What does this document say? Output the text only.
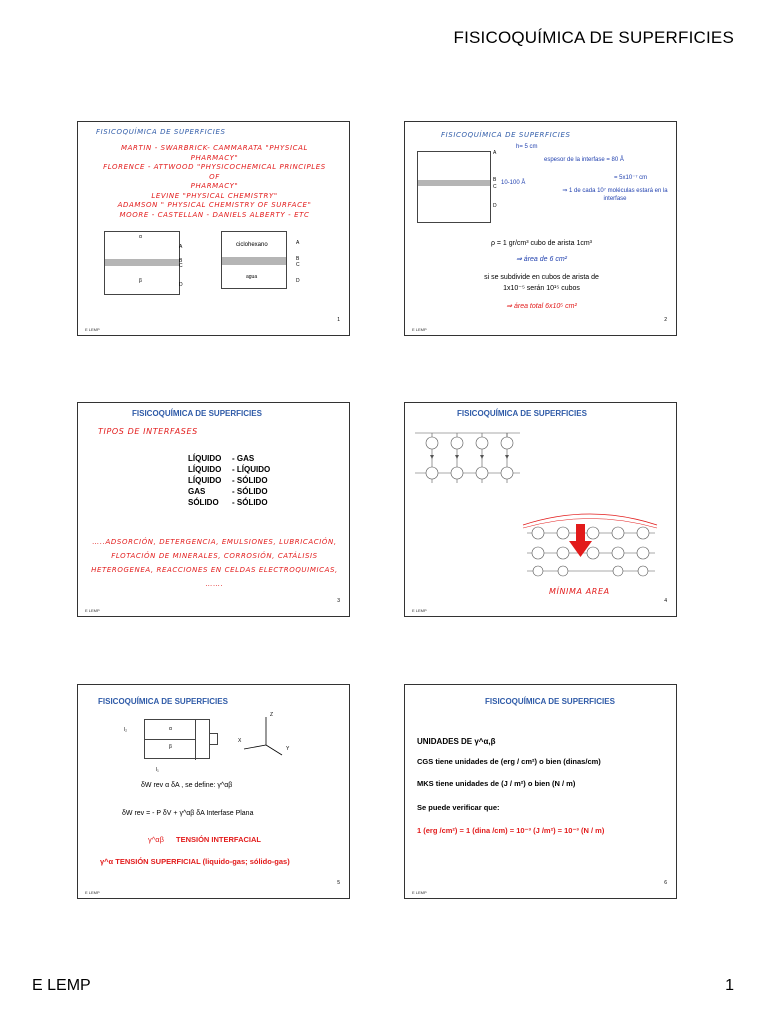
FISICOQUÍMICA DE SUPERFICIES
E LEMP	1
FISICOQUÍMICA DE SUPERFICIES
MARTIN - SWARBRICK- CAMMARATA "PHYSICAL PHARMACY"
FLORENCE - ATTWOOD "PHYSICOCHEMICAL PRINCIPLES OF
PHARMACY"
LEVINE "PHYSICAL CHEMISTRY"
ADAMSON " PHYSICAL CHEMISTRY OF SURFACE"
MOORE - CASTELLAN - DANIELS ALBERTY - ETC
α
β
A
B
C
D
ciclohexano
agua
A
B
C
D
1
E LEMP
FISICOQUÍMICA DE SUPERFICIES
A
B
C
D
h= 5 cm
espesor de la interfase = 80 Å
= 5x10⁻⁷ cm
10-100 Å
⇒ 1 de cada 10⁷ moléculas estará en la interfase
ρ = 1 gr/cm³ cubo de arista 1cm³
⇒ área de 6 cm²
si se subdivide en cubos de arista de
1x10⁻⁵ serán 10¹⁵ cubos
⇒ área total 6x10⁵ cm²
2
E LEMP
FISICOQUÍMICA DE SUPERFICIES
TIPOS DE INTERFASES
LÍQUIDO - GAS
LÍQUIDO - LÍQUIDO
LÍQUIDO - SÓLIDO
GAS	- SÓLIDO
SÓLIDO - SÓLIDO
…..ADSORCIÓN, DETERGENCIA, EMULSIONES, LUBRICACIÓN,
FLOTACIÓN DE MINERALES, CORROSIÓN, CATÁLISIS
HETEROGENEA, REACCIONES EN CELDAS ELECTROQUIMICAS,
…….
3
E LEMP
FISICOQUÍMICA DE SUPERFICIES
MÍNIMA AREA
4
E LEMP
FISICOQUÍMICA DE SUPERFICIES
α
β
l₂
l₁
Z
X
Y
δW rev α δA , se define: γ^αβ
δW rev = - P δV + γ^αβ δA Interfase Plana
γ^αβ TENSIÓN INTERFACIAL
γ^α TENSIÓN SUPERFICIAL (liquido-gas; sólido-gas)
5
E LEMP
FISICOQUÍMICA DE SUPERFICIES
UNIDADES DE γ^α,β
CGS tiene unidades de (erg / cm²) o bien (dinas/cm)
MKS tiene unidades de (J / m²) o bien (N / m)
Se puede verificar que:
1 (erg /cm²) = 1 (dina /cm) = 10⁻³ (J /m²) = 10⁻³ (N / m)
6
E LEMP
